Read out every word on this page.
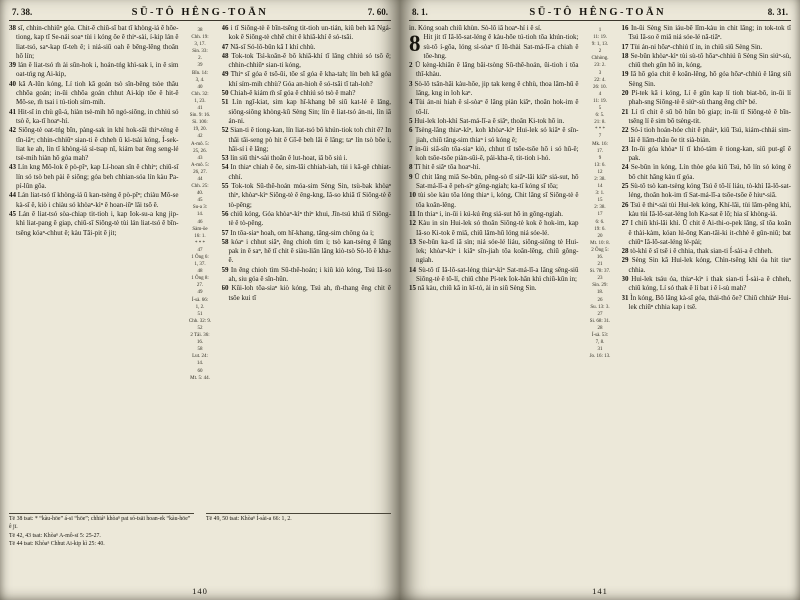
7. 38.	SŪ-TÔ HÊNG-TOĀN	7. 60.

38 sī, chhin-chhiūⁿ góa. Chit-ê chiū-sī bat tī khòng-iá ê hōe-tiong, kap tī Se-nái soaⁿ tùi i kóng ōe ê thiⁿ-sài, í-kip lán ê liat-tsó, saⁿ-kap tī-teh ê; i niá-siū oah ê bēng-lēng thoân hō lín;

39 lán ê liat-tsó m̄ ài sūn-hok i, hoán-tńg khì-sak i, in ê sim oat-tńg ng Ai-kip,

40 kā A-lûn kóng, Lí tioh kā goán tsò sîn-bêng tsòe thâu chhōa goán; in-ūi chhōa goán chhut Ai-kip tōe ê hit-ê Mô-se, m̄ tsai i tú-tioh sím-mih.

41 Hit-sî in chù gû-á, hiàn tsè-mih hō ngó-siōng, in chhiú só tsò ê, ka-tī hoaⁿ-hí.

42 Siōng-tè oat-tńg bīn, pàng-sak in khì hok-sāi thiⁿ-téng ê tīn-iâⁿ; chhin-chhiūⁿ sian-ti ê chheh ū kì-tsài kóng, Í-sek-liat ke ah, lín tī khòng-iá sì-tsap nî, kiám bat ēng seng-lé tsè-mih hiàn hō góa mah?

43 Lín kng Mô-lok ê pò-pîⁿ, kap Lí-hoan sîn ê chhiⁿ; chiū-sī lín só tsò beh pài ê siōng; góa beh chhian-sóa lín kàu Pa-pí-lûn gōa.

44 Lán liat-tsó tī khòng-iá ū kan-tsèng ê pò-pîⁿ; chiàu Mô-se kà-sī ê, kiò i chiàu só khòaⁿ-kìⁿ ê hoan-iūⁿ lâi tsō ê.

45 Lán ê liat-tsó sòa-chiap tit-tioh i, kap Iok-su-a kng jip-khì liat-pang ê giap, chiū-sī Siōng-tè tùi lán liat-tsó ê bīn-tsêng kóaⁿ-chhut ê; kàu Tāi-pit ê jit;

38
Chh. 19:
3, 17.
Sin. 33:
2.
39
Bîn. 14:
3, 4.
40
Chh. 32:
1, 23.
41
Sin. 9: 16.
Si. 106:
19, 20.
42
A-mô. 5:
25, 26.
43
A-mô. 5:
26, 27.
44
Chh. 25:
40.
45
Su-a 3:
14.
46
Sàm-ōe
16: 1.
* * *
47
1 Ông 6:
1, 37.
48
1 Ông 8:
27.
49
Í-sà. 66:
1, 2.
51
Chh. 32: 9.
52
2 Tāi. 36:
16.
58
Lut. 24:
14.
60
Mt. 5: 44.

46 i tī Siōng-tè ê bīn-tsêng tit-tioh un-tián, kiû beh kā Ngá-kok ê Siōng-tè chhē chit ê khiā-khí ê só-tsāi.

47 Nā-sī Só-lô-bûn kā I khí chhù.

48 Tok-tok Tsì-koân-ê bô khiā-khí tī lâng chhiú só tsō ê; chhin-chhiūⁿ sian-ti kóng,

49 Thiⁿ sī góa ê tsō-ūi, tōe sī góa ê kha-tah; lín beh kā góa khí sím-mih chhù? Góa an-hioh ê só-tsāi tī tah-loh?

50 Chiah-ê kiám m̄ sī góa ê chhiú só tsò ê mah?

51 Lín ngī-kiat, sim kap hī-khang bē siū kat-lé ê lâng, siông-siông khòng-kū Sèng Sin; lín ê liat-tsó án-ni, lín iā án-ni.

52 Sian-ti ê tiong-kan, lín liat-tsó bô khún-tiok toh chit ê? In thâi tāi-seng pò hit ê Gī-ê beh lâi ê lâng; taⁿ lín tsò bōe i, hāi-sí i ê lâng;

53 lín siū thiⁿ-sài thoân ê lut-hoat, iā bô siú i.

54 In thiaⁿ chiah ê ōe, sim-lāi chhiah-iah, tùi i kā-gê chhiat-chhí.

55 Tok-tok Sū-thê-hoán móa-sim Sèng Sin, tsù-bak khòaⁿ thiⁿ, khòaⁿ-kìⁿ Siōng-tè ê êng-kng, Iâ-so khiā tī Siōng-tè ê tò-pêng;

56 chiū kóng, Góa khòaⁿ-kìⁿ thiⁿ khui, Jîn-tsú khiā tī Siōng-tè ê tò-pêng.

57 In tōa-siaⁿ hoah, om hī-khang, tâng-sim chông óa i;

58 kóaⁿ i chhut siâⁿ, ēng chioh tìm i; tsò kan-tsèng ê lâng pak in ê saⁿ, hē tī chit ê siàu-liân lâng kiò-tsò Sò-lô ê kha-ē.

59 In ēng chioh tìm Sū-thê-hoán; i kiû kiò kóng, Tsú Iâ-so ah, siu góa ê sîn-hûn.

60 Kūi-loh tōa-siaⁿ kiò kóng, Tsú ah, m̄-thang ēng chit ê tsōe kui tī

Tē 38 tsat: * “kàu-hōe” á-sī “hōe”; chhiáⁿ khòaⁿ pat só-tsāi hoan-ek “kàu-hōe” ê jī.
Tē 42, 43 tsat: Khòaⁿ A-mô-sī 5: 25-27.
Tē 44 tsat: Khòaⁿ Chhut Ai-kip kì 25: 40.
Tē 49, 50 tsat: Khòaⁿ Í-sài-a 66: 1, 2.
140
8. 1.	SŪ-TÔ HÊNG-TOĀN	8. 31.

in. Kóng soah chiū khùn. Sò-lô iā hoaⁿ-hí i ê sí.

8 Hit jit tī Iâ-lō-sat-léng ê kàu-hōe tú-tioh tōa khún-tiok; sù-tô í-gōa, lóng sì-sòaⁿ tī Iû-thài Sat-má-lī-a chiah ê tōe-hng.

2 Ū kèng-khiân ê lâng bâi-tsòng Sū-thê-hoán, ūi-tioh i tōa thî-khàu.

3 Sò-lô tsân-hāi kàu-hōe, jip tak keng ê chhù, thoa lâm-hū ê lâng, kng in loh kaⁿ.

4 Tùi án-ni hiah ê sì-sòaⁿ ê lâng piàn kiâⁿ, thoân hok-im ê tō-lí.

5 Hui-lek loh-khì Sat-má-lī-a ê siâⁿ, thoân Ki-tok hō in.

6 Tsèng-lâng thiaⁿ-kìⁿ, koh khòaⁿ-kìⁿ Hui-lek só kiâⁿ ê sîn-jiah, chiū tâng-sim thiaⁿ i só kóng ê;

7 in-ūi siâ-sîn tōa-siaⁿ kiò, chhut tī tsōe-tsōe hō i só hū-ê; koh tsōe-tsōe piàn-sūi-ê, pái-kha-ê, tit-tioh i-hó.

8 Tī hit ê siâⁿ tōa hoaⁿ-hí.

9 Ū chit lâng miâ Se-bûn, pêng-sò tī siâⁿ-lāi kiâⁿ siá-sut, hō Sat-má-lī-a ê peh-sìⁿ gông-ngiah; ka-tī kóng sī tōa;

10 tùi sòe kàu tōa lóng thiaⁿ i, kóng, Chit lâng sī Siōng-tè ê tōa koân-lêng.

11 In thiaⁿ i, in-ūi i kú-kú ēng siá-sut hō in gông-ngiah.

12 Kàu in sìn Hui-lek só thoân Siōng-tè kok ê hok-im, kap Iâ-so Ki-tok ê miâ, chiū lâm-hū lóng niá sóe-lé.

13 Se-bûn ka-tī iā sìn; niá sóe-lé liáu, siông-siông tè Hui-lek; khòaⁿ-kìⁿ i kiâⁿ sîn-jiah tōa koân-lêng, chiū gông-ngiah.

14 Sù-tô tī Iâ-lō-sat-léng thiaⁿ-kìⁿ Sat-má-lī-a lâng sêng-siū Siōng-tè ê tō-lí, chiū chhe Pí-tek Iok-hān khì chiū-kūn in;

15 nā kàu, chiū kā in kî-tó, ài in siū Sèng Sin.

1
11: 19.
9: 1, 13.
2
Chhòng.
23: 2.
3
22: 4.
26: 10.
4
11: 19.
5
6: 5.
21: 8.
* * *
7
Mk. 16:
17.
9
13: 6.
12
2: 38.
14
3: 1.
15
2: 38.
17
6: 6.
19: 6.
20
Mt. 10: 8.
2 Ông 5:
16.
21
Si. 78: 37.
23
Sin. 29:
18.
26
Su. 13: 3.
27
Si. 68: 31.
28
Í-sà. 53:
7, 8.
31
Jo. 16: 13.

16 In-ūi Sèng Sin iáu-bē lîm-kàu in chit lâng; in tok-tok tī Tsú Iâ-so ê miâ niá sóe-lé nā-tiāⁿ.

17 Tùi án-ni hōaⁿ-chhiú tī in, in chiū siū Sèng Sin.

18 Se-bûn khòaⁿ-kìⁿ tùi sù-tô hōaⁿ-chhiú ū Sèng Sin siúⁿ-sù, chiū theh gûn hō in, kóng,

19 Iā hō góa chit ê koân-lêng, hō góa hōaⁿ-chhiú ê lâng siū Sèng Sin.

20 Pí-tek kā i kóng, Lí ê gûn kap lí tioh biat-bô, in-ūi lí phah-sng Siōng-tè ê siúⁿ-sù thang ēng chîⁿ bé.

21 Lí tī chit ê sū bô hūn bô giap; in-ūi tī Siōng-tè ê bīn-tsêng lí ê sim bô tsèng-tit.

22 Só-í tioh hoán-hóe chit ê pháiⁿ, kiû Tsú, kiám-chhái sim-lāi ê liām-thâu ōe tit sià-bián.

23 In-ūi góa khòaⁿ lí tī khó-tám ê tiong-kan, siū put-gī ê pak.

24 Se-bûn ìn kóng, Lín thòe góa kiû Tsú, hō lín só kóng ê bô chit hāng kàu tī góa.

25 Sù-tô tsò kan-tsèng kóng Tsú ê tō-lí liáu, tò-khì Iâ-lō-sat-léng, thoân hok-im tī Sat-má-lī-a tsōe-tsōe ê hiuⁿ-siā.

26 Tsú ê thiⁿ-sài tùi Hui-lek kóng, Khí-lâi, tùi lâm-pêng khì, kàu tùi Iâ-lō-sat-léng loh Ka-sat ê lō; hia sī khòng-iá.

27 I chiū khí-lâi khì. Ū chit ê Ai-thi-o-pek lâng, sī tōa koân ê thài-kàm, kóan lú-ông Kan-tāi-ki it-chhè ê gûn-niû; bat chiūⁿ Iâ-lō-sat-léng lé-pài;

28 tò-khì ê sî tsē i ê chhia, thak sian-ti Í-sài-a ê chheh.

29 Sèng Sin kā Hui-lek kóng, Chìn-tsêng khì óa hit tiuⁿ chhia.

30 Hui-lek tsáu óa, thiaⁿ-kìⁿ i thak sian-ti Í-sài-a ê chheh, chiū kóng, Lí só thak ê lí bat i ê ì-sù mah?

31 Ìn kóng, Bô lâng kà-sī góa, thái-thó ōe? Chiū chhiáⁿ Hui-lek chiūⁿ chhia kap i tsē.

141
